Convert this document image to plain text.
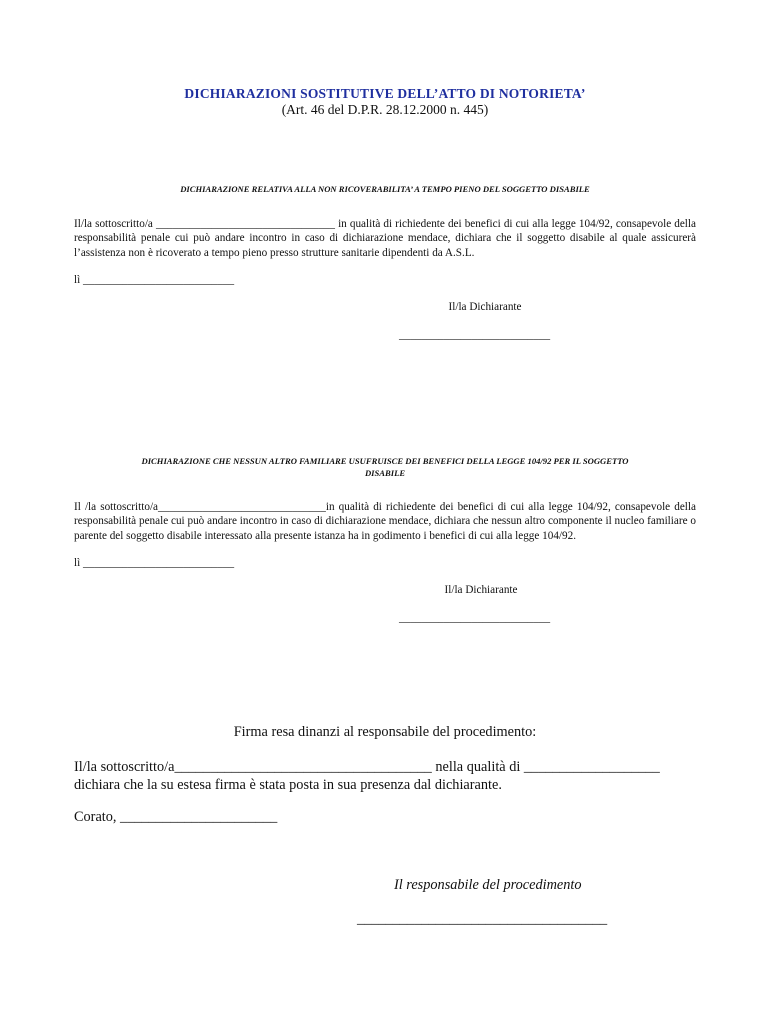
DICHIARAZIONI SOSTITUTIVE DELL’ATTO DI NOTORIETA’
(Art. 46 del D.P.R. 28.12.2000 n. 445)
DICHIARAZIONE RELATIVA ALLA NON RICOVERABILITA’ A TEMPO PIENO DEL SOGGETTO DISABILE
Il/la sottoscritto/a ________________________________ in qualità di richiedente dei benefici di cui alla legge 104/92, consapevole della responsabilità penale cui può andare incontro in caso di dichiarazione mendace, dichiara che il soggetto disabile al quale assicurerà l’assistenza non è ricoverato a tempo pieno presso strutture sanitarie dipendenti da A.S.L.
lì ___________________________
Il/la Dichiarante
___________________________
DICHIARAZIONE CHE NESSUN ALTRO FAMILIARE USUFRUISCE DEI BENEFICI DELLA LEGGE 104/92 PER IL SOGGETTO
DISABILE
Il /la sottoscritto/a______________________________in qualità di richiedente dei benefici di cui alla legge 104/92, consapevole della responsabilità penale cui può andare incontro in caso di dichiarazione mendace, dichiara che nessun altro componente il nucleo familiare o parente del soggetto disabile interessato alla presente istanza ha in godimento i benefici di cui alla legge 104/92.
lì ___________________________
Il/la Dichiarante
___________________________
Firma resa dinanzi al responsabile del procedimento:
Il/la sottoscritto/a____________________________________ nella qualità di ___________________
dichiara che la su estesa firma è stata posta in sua presenza dal dichiarante.
Corato, ______________________
Il responsabile del procedimento
___________________________________
